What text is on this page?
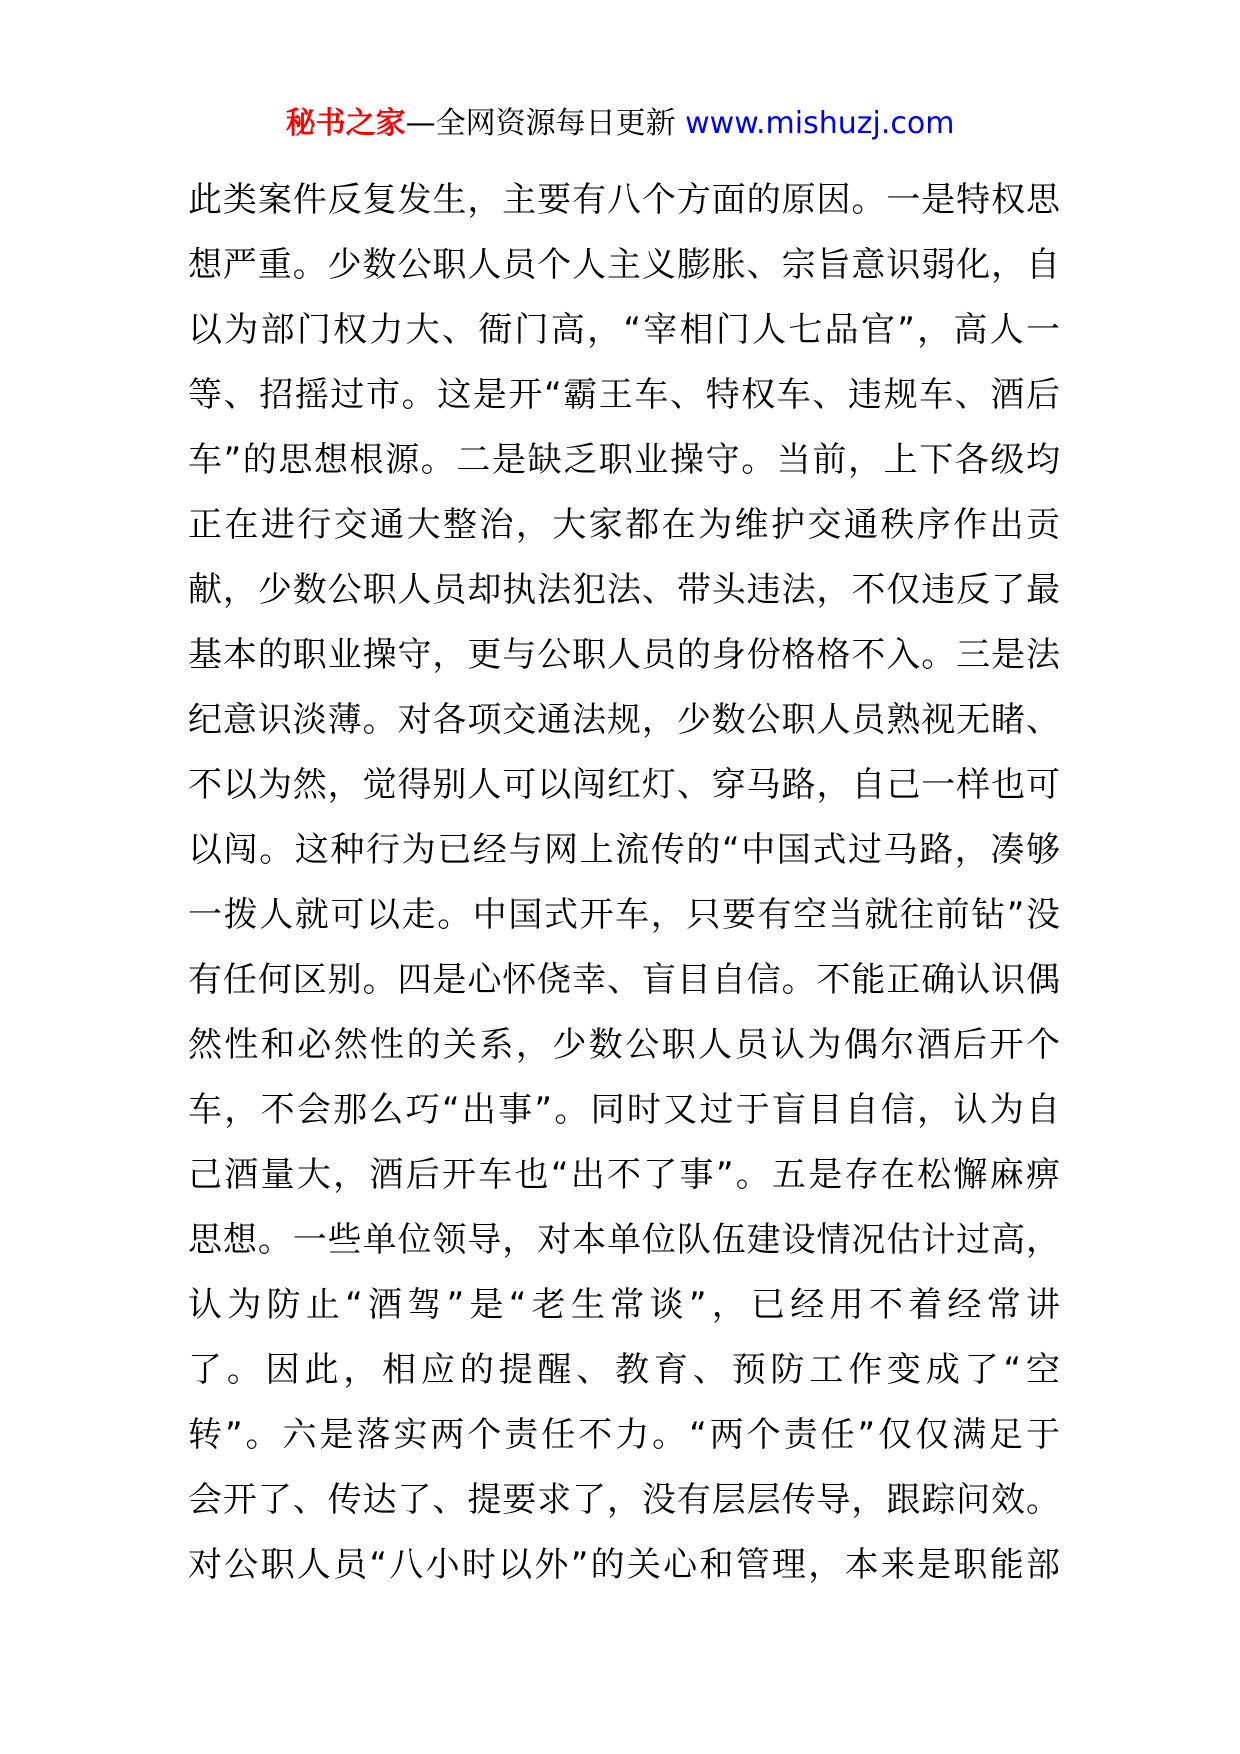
秘书之家—全网资源每日更新 www.mishuzj.com
此类案件反复发生，主要有八个方面的原因。一是特权思
想严重。少数公职人员个人主义膨胀、宗旨意识弱化，自
以为部门权力大、衙门高，“宰相门人七品官”，高人一
等、招摇过市。这是开“霸王车、特权车、违规车、酒后
车”的思想根源。二是缺乏职业操守。当前，上下各级均
正在进行交通大整治，大家都在为维护交通秩序作出贡
献，少数公职人员却执法犯法、带头违法，不仅违反了最
基本的职业操守，更与公职人员的身份格格不入。三是法
纪意识淡薄。对各项交通法规，少数公职人员熟视无睹、
不以为然，觉得别人可以闯红灯、穿马路，自己一样也可
以闯。这种行为已经与网上流传的“中国式过马路，凑够
一拨人就可以走。中国式开车，只要有空当就往前钻”没
有任何区别。四是心怀侥幸、盲目自信。不能正确认识偶
然性和必然性的关系，少数公职人员认为偶尔酒后开个
车，不会那么巧“出事”。同时又过于盲目自信，认为自
己酒量大，酒后开车也“出不了事”。五是存在松懈麻痹
思想。一些单位领导，对本单位队伍建设情况估计过高，
认为防止“酒驾”是“老生常谈”，已经用不着经常讲
了。因此，相应的提醒、教育、预防工作变成了“空
转”。六是落实两个责任不力。“两个责任”仅仅满足于
会开了、传达了、提要求了，没有层层传导，跟踪问效。
对公职人员“八小时以外”的关心和管理，本来是职能部
